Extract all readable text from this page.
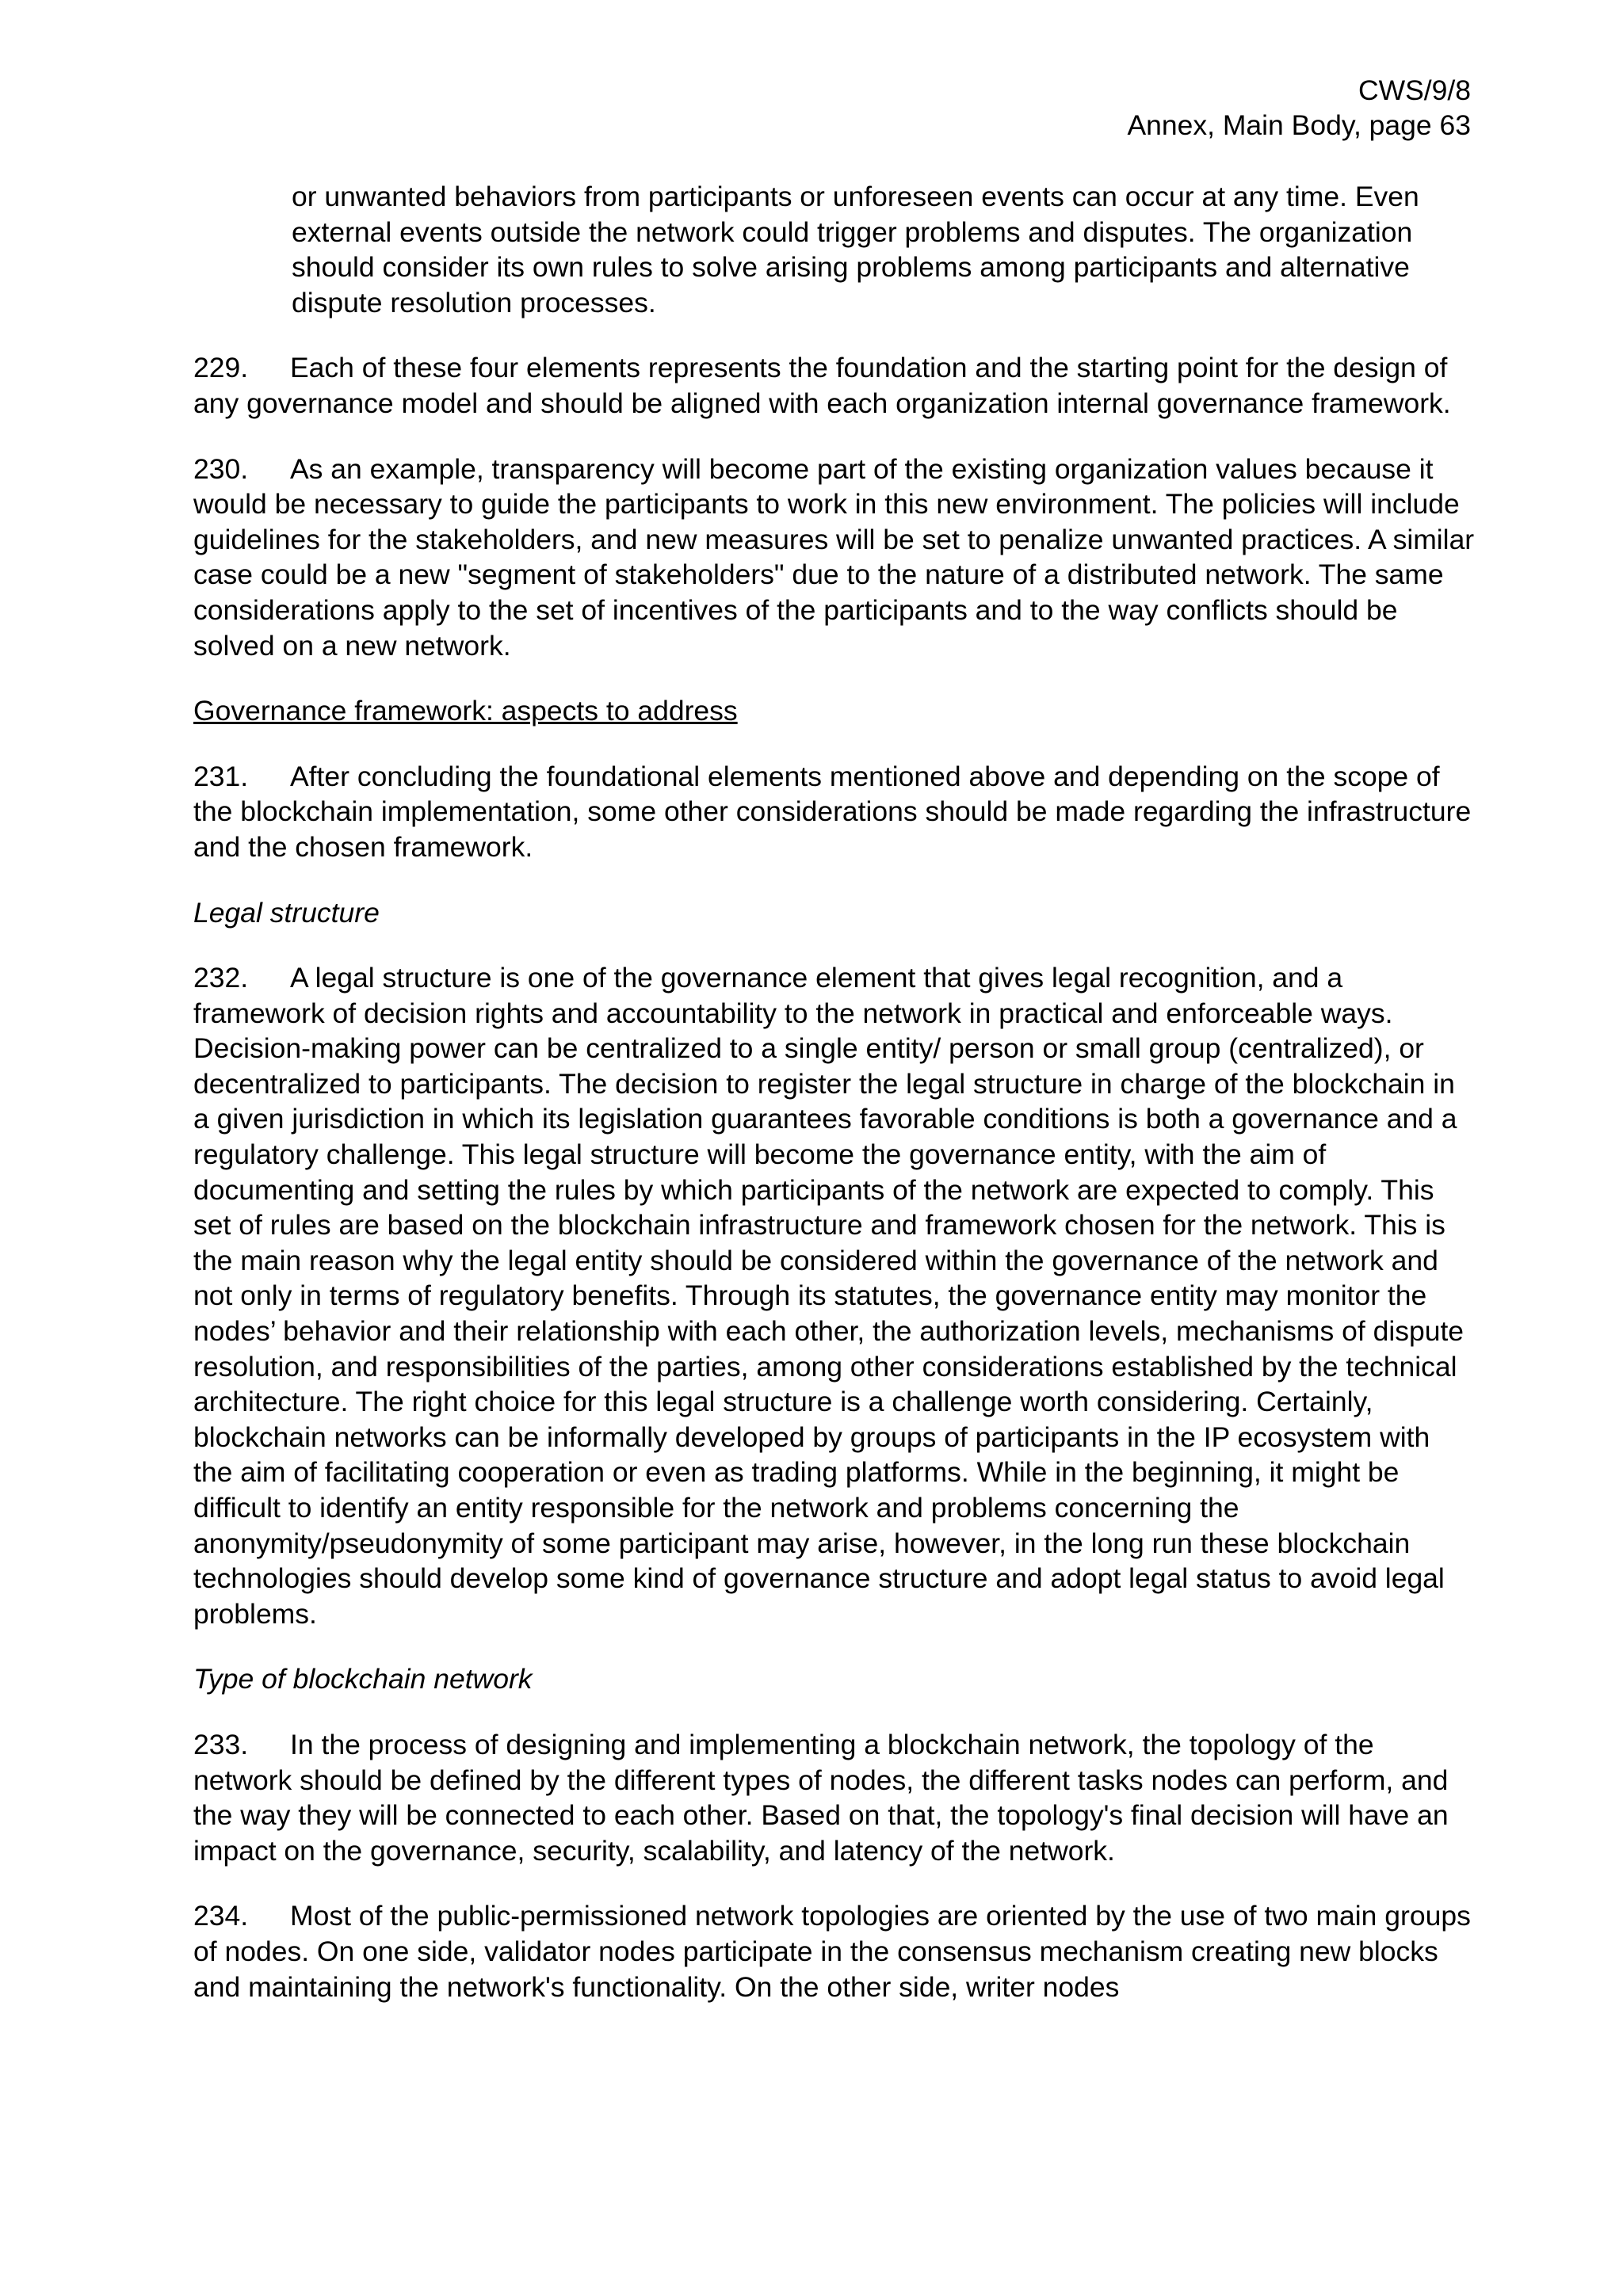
CWS/9/8
Annex, Main Body, page 63

or unwanted behaviors from participants or unforeseen events can occur at any time. Even external events outside the network could trigger problems and disputes. The organization should consider its own rules to solve arising problems among participants and alternative dispute resolution processes.

229. Each of these four elements represents the foundation and the starting point for the design of any governance model and should be aligned with each organization internal governance framework.

230. As an example, transparency will become part of the existing organization values because it would be necessary to guide the participants to work in this new environment. The policies will include guidelines for the stakeholders, and new measures will be set to penalize unwanted practices. A similar case could be a new "segment of stakeholders" due to the nature of a distributed network. The same considerations apply to the set of incentives of the participants and to the way conflicts should be solved on a new network.

Governance framework: aspects to address

231. After concluding the foundational elements mentioned above and depending on the scope of the blockchain implementation, some other considerations should be made regarding the infrastructure and the chosen framework.

Legal structure

232. A legal structure is one of the governance element that gives legal recognition, and a framework of decision rights and accountability to the network in practical and enforceable ways. Decision-making power can be centralized to a single entity/ person or small group (centralized), or decentralized to participants. The decision to register the legal structure in charge of the blockchain in a given jurisdiction in which its legislation guarantees favorable conditions is both a governance and a regulatory challenge. This legal structure will become the governance entity, with the aim of documenting and setting the rules by which participants of the network are expected to comply. This set of rules are based on the blockchain infrastructure and framework chosen for the network. This is the main reason why the legal entity should be considered within the governance of the network and not only in terms of regulatory benefits. Through its statutes, the governance entity may monitor the nodes’ behavior and their relationship with each other, the authorization levels, mechanisms of dispute resolution, and responsibilities of the parties, among other considerations established by the technical architecture. The right choice for this legal structure is a challenge worth considering. Certainly, blockchain networks can be informally developed by groups of participants in the IP ecosystem with the aim of facilitating cooperation or even as trading platforms. While in the beginning, it might be difficult to identify an entity responsible for the network and problems concerning the anonymity/pseudonymity of some participant may arise, however, in the long run these blockchain technologies should develop some kind of governance structure and adopt legal status to avoid legal problems.

Type of blockchain network

233. In the process of designing and implementing a blockchain network, the topology of the network should be defined by the different types of nodes, the different tasks nodes can perform, and the way they will be connected to each other. Based on that, the topology's final decision will have an impact on the governance, security, scalability, and latency of the network.

234. Most of the public-permissioned network topologies are oriented by the use of two main groups of nodes. On one side, validator nodes participate in the consensus mechanism creating new blocks and maintaining the network's functionality. On the other side, writer nodes
